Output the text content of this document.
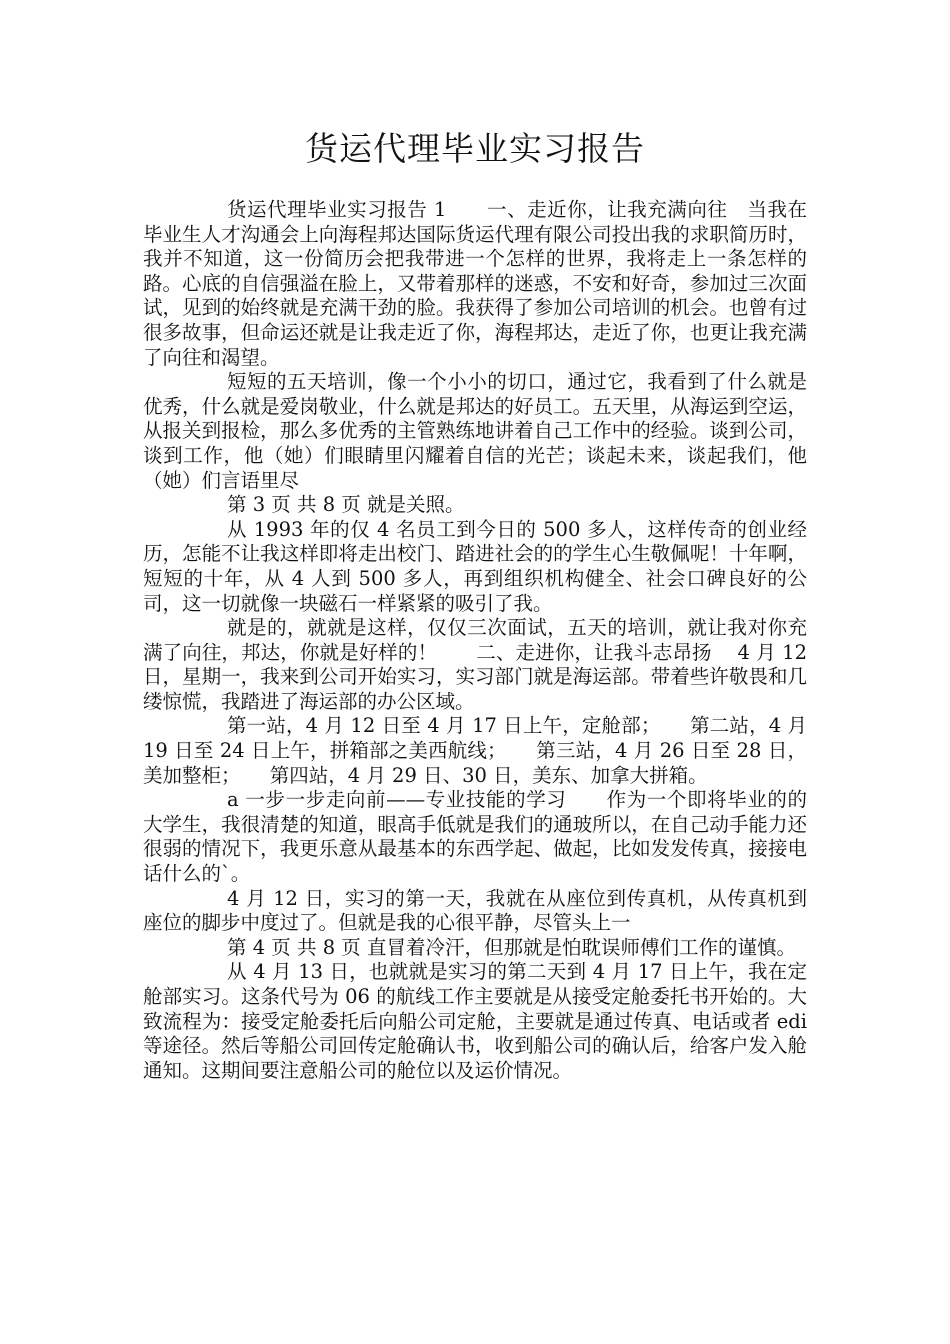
货运代理毕业实习报告

货运代理毕业实习报告 1　　一、走近你，让我充满向往　当我在毕业生人才沟通会上向海程邦达国际货运代理有限公司投出我的求职简历时，我并不知道，这一份简历会把我带进一个怎样的世界，我将走上一条怎样的路。心底的自信强溢在脸上，又带着那样的迷惑，不安和好奇，参加过三次面试，见到的始终就是充满干劲的脸。我获得了参加公司培训的机会。也曾有过很多故事，但命运还就是让我走近了你，海程邦达，走近了你，也更让我充满了向往和渴望。

短短的五天培训，像一个小小的切口，通过它，我看到了什么就是优秀，什么就是爱岗敬业，什么就是邦达的好员工。五天里，从海运到空运，从报关到报检，那么多优秀的主管熟练地讲着自己工作中的经验。谈到公司，谈到工作，他（她）们眼睛里闪耀着自信的光芒；谈起未来，谈起我们，他（她）们言语里尽

第 3 页 共 8 页 就是关照。

从 1993 年的仅 4 名员工到今日的 500 多人，这样传奇的创业经历，怎能不让我这样即将走出校门、踏进社会的的学生心生敬佩呢！十年啊，短短的十年，从 4 人到 500 多人，再到组织机构健全、社会口碑良好的公司，这一切就像一块磁石一样紧紧的吸引了我。

就是的，就就是这样，仅仅三次面试，五天的培训，就让我对你充满了向往，邦达，你就是好样的！　　二、走进你，让我斗志昂扬　 4 月 12 日，星期一，我来到公司开始实习，实习部门就是海运部。带着些许敬畏和几缕惊慌，我踏进了海运部的办公区域。

第一站，4 月 12 日至 4 月 17 日上午，定舱部；　　第二站，4 月 19 日至 24 日上午，拼箱部之美西航线；　　第三站，4 月 26 日至 28 日，美加整柜；　　第四站，4 月 29 日、30 日，美东、加拿大拼箱。

a 一步一步走向前——专业技能的学习　　作为一个即将毕业的的大学生，我很清楚的知道，眼高手低就是我们的通玻所以，在自己动手能力还很弱的情况下，我更乐意从最基本的东西学起、做起，比如发发传真，接接电话什么的`。

4 月 12 日，实习的第一天，我就在从座位到传真机，从传真机到座位的脚步中度过了。但就是我的心很平静，尽管头上一

第 4 页 共 8 页 直冒着冷汗，但那就是怕耽误师傅们工作的谨慎。

从 4 月 13 日，也就就是实习的第二天到 4 月 17 日上午，我在定舱部实习。这条代号为 06 的航线工作主要就是从接受定舱委托书开始的。大致流程为：接受定舱委托后向船公司定舱，主要就是通过传真、电话或者 edi 等途径。然后等船公司回传定舱确认书，收到船公司的确认后，给客户发入舱通知。这期间要注意船公司的舱位以及运价情况。
